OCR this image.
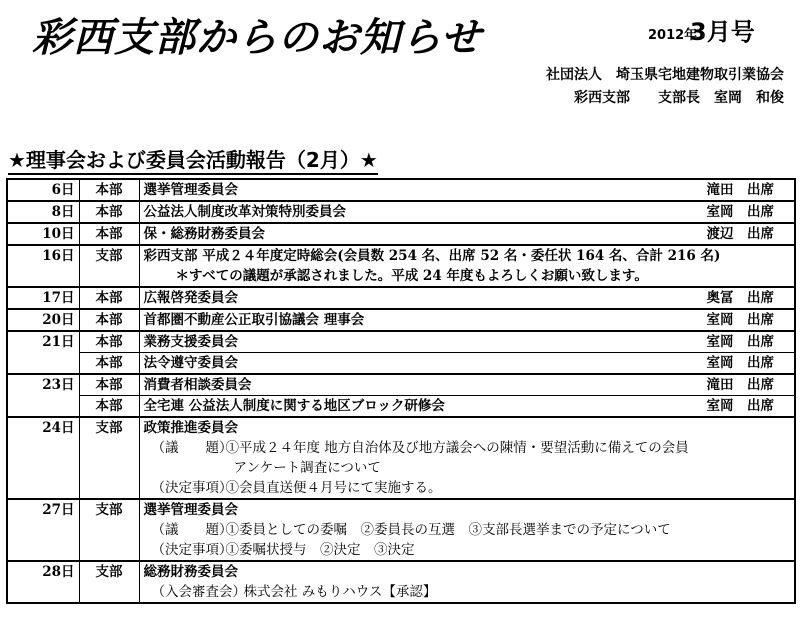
彩西支部からのお知らせ	2012年
3月号
社団法人　埼玉県宅地建物取引業協会
彩西支部　　支部長　室岡　和俊
★理事会および委員会活動報告（2月）★
6日	本部	選挙管理委員会 滝田　出席

8日	本部	公益法人制度改革対策特別委員会 室岡　出席

10日	本部	保・総務財務委員会 渡辺　出席

16日	支部	彩西支部 平成２４年度定時総会(会員数 254 名、出席 52 名・委任状 164 名、合計 216 名)
		＊すべての議題が承認されました。平成 24 年度もよろしくお願い致します。
17日	本部	広報啓発委員会 奥冨　出席

20日	本部	首都圏不動産公正取引協議会 理事会 室岡　出席

21日	本部	業務支援委員会 室岡　出席

	本部	法令遵守委員会 室岡　出席

23日	本部	消費者相談委員会 滝田　出席

	本部	全宅連 公益法人制度に関する地区ブロック研修会 室岡　出席

24日	支部	政策推進委員会
（議　　題）①平成２４年度 地方自治体及び地方議会への陳情・要望活動に備えての会員
アンケート調査について
（決定事項）①会員直送便４月号にて実施する。

27日	支部	選挙管理委員会
（議　　題）①委員としての委嘱　②委員長の互選　③支部長選挙までの予定について
（決定事項）①委嘱状授与　②決定　③決定

28日	支部	総務財務委員会
（入会審査会）株式会社 みもりハウス【承認】
